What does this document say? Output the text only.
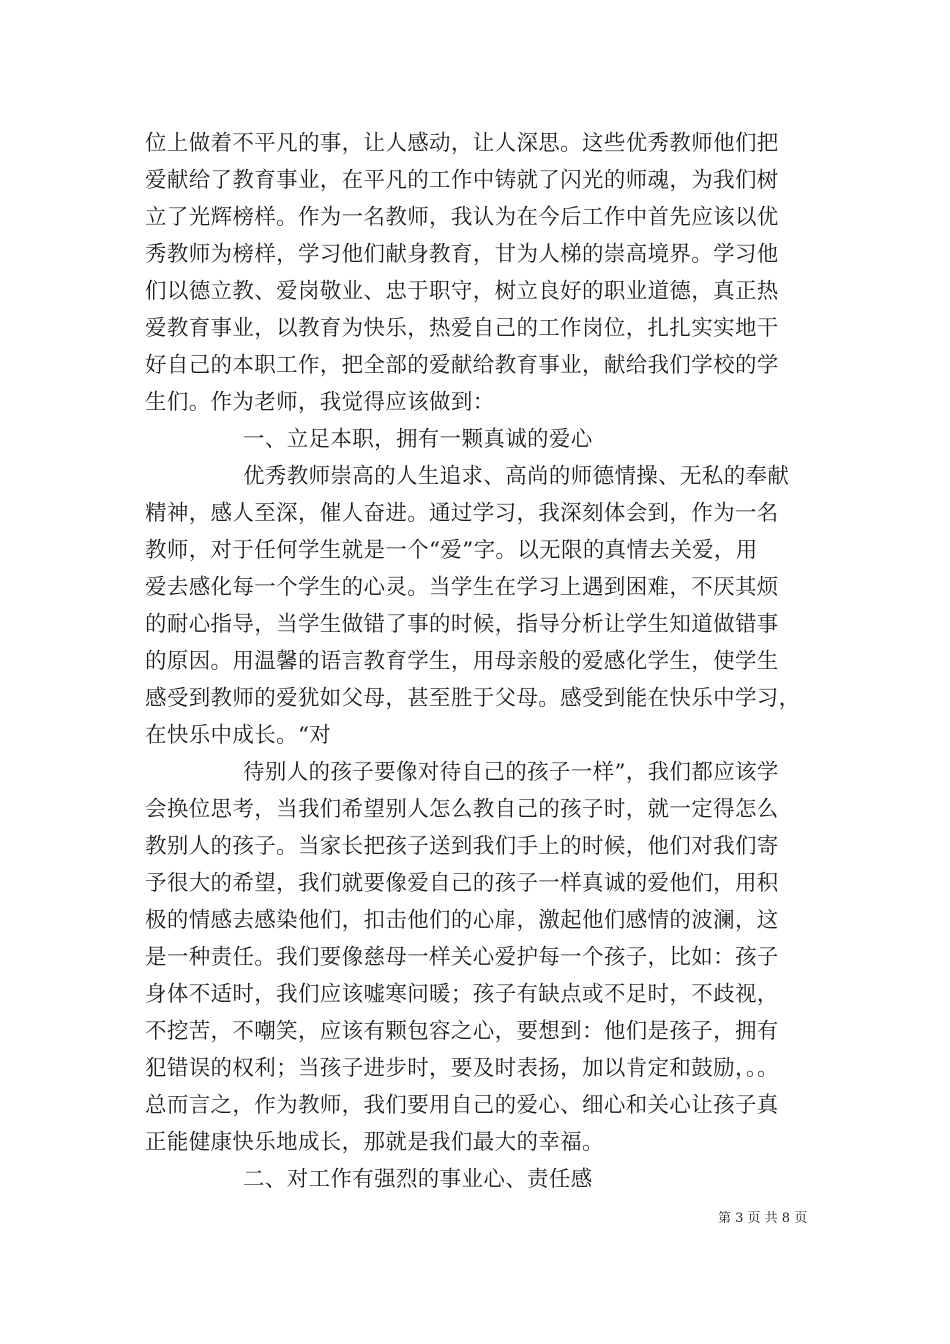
位上做着不平凡的事，让人感动，让人深思。这些优秀教师他们把
爱献给了教育事业，在平凡的工作中铸就了闪光的师魂，为我们树
立了光辉榜样。作为一名教师，我认为在今后工作中首先应该以优
秀教师为榜样，学习他们献身教育，甘为人梯的崇高境界。学习他
们以德立教、爱岗敬业、忠于职守，树立良好的职业道德，真正热
爱教育事业，以教育为快乐，热爱自己的工作岗位，扎扎实实地干
好自己的本职工作，把全部的爱献给教育事业，献给我们学校的学
生们。作为老师，我觉得应该做到：
一、立足本职，拥有一颗真诚的爱心
优秀教师崇高的人生追求、高尚的师德情操、无私的奉献
精神，感人至深，催人奋进。通过学习，我深刻体会到，作为一名
教师，对于任何学生就是一个“爱”字。以无限的真情去关爱，用
爱去感化每一个学生的心灵。当学生在学习上遇到困难，不厌其烦
的耐心指导，当学生做错了事的时候，指导分析让学生知道做错事
的原因。用温馨的语言教育学生，用母亲般的爱感化学生，使学生
感受到教师的爱犹如父母，甚至胜于父母。感受到能在快乐中学习，
在快乐中成长。“对
待别人的孩子要像对待自己的孩子一样”，我们都应该学
会换位思考，当我们希望别人怎么教自己的孩子时，就一定得怎么
教别人的孩子。当家长把孩子送到我们手上的时候，他们对我们寄
予很大的希望，我们就要像爱自己的孩子一样真诚的爱他们，用积
极的情感去感染他们，扣击他们的心扉，激起他们感情的波澜，这
是一种责任。我们要像慈母一样关心爱护每一个孩子，比如：孩子
身体不适时，我们应该嘘寒问暖；孩子有缺点或不足时，不歧视，
不挖苦，不嘲笑，应该有颗包容之心，要想到：他们是孩子，拥有
犯错误的权利；当孩子进步时，要及时表扬，加以肯定和鼓励，。。
总而言之，作为教师，我们要用自己的爱心、细心和关心让孩子真
正能健康快乐地成长，那就是我们最大的幸福。
二、对工作有强烈的事业心、责任感
第 3 页 共 8 页
